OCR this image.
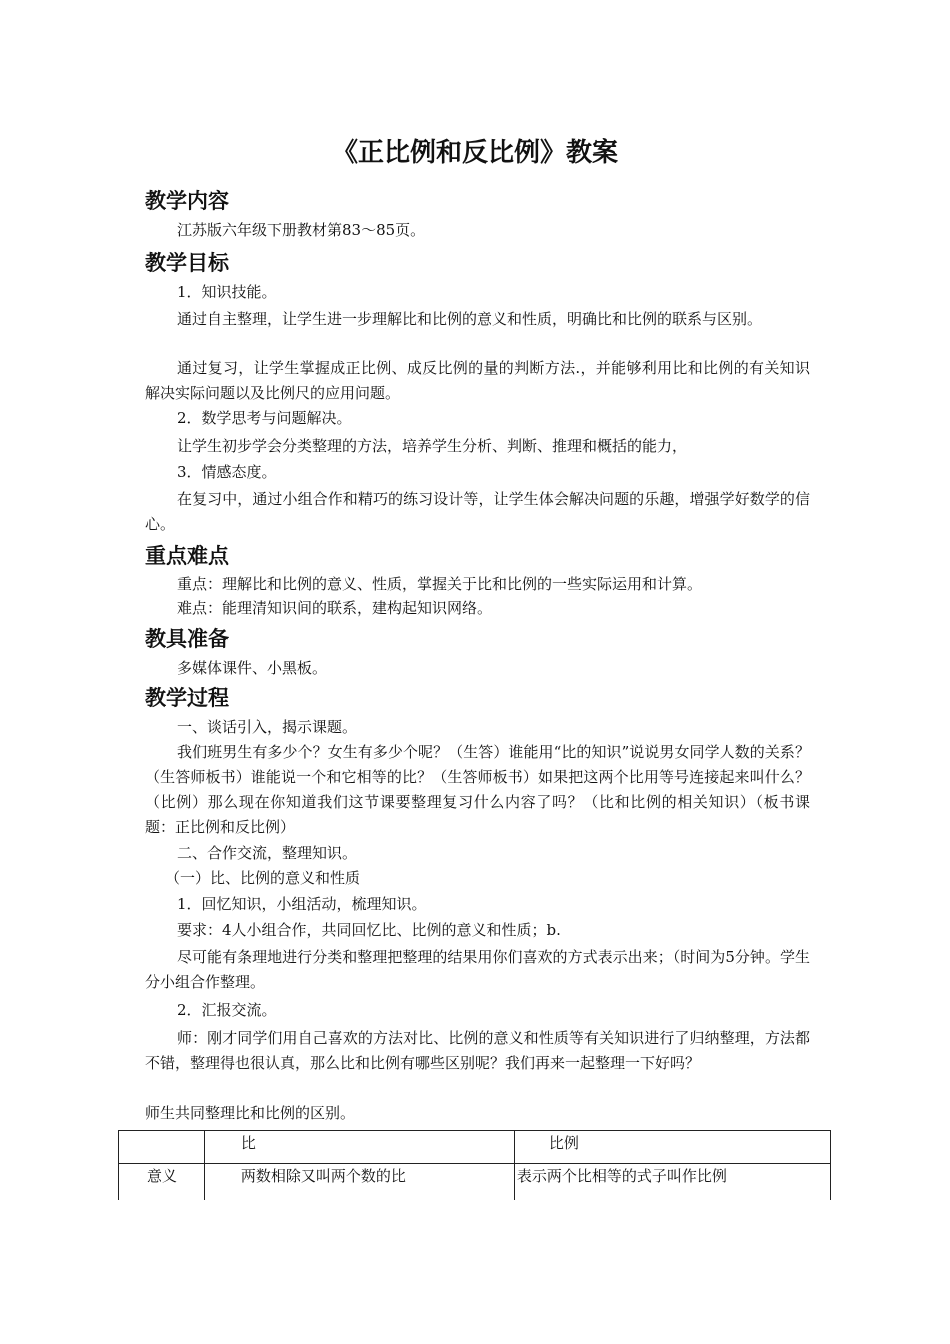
《正比例和反比例》教案
教学内容
江苏版六年级下册教材第83～85页。
教学目标
1．知识技能。
通过自主整理，让学生进一步理解比和比例的意义和性质，明确比和比例的联系与区别。
通过复习，让学生掌握成正比例、成反比例的量的判断方法.，并能够利用比和比例的有关知识解决实际问题以及比例尺的应用问题。
2．数学思考与问题解决。
让学生初步学会分类整理的方法，培养学生分析、判断、推理和概括的能力，
3．情感态度。
在复习中，通过小组合作和精巧的练习设计等，让学生体会解决问题的乐趣，增强学好数学的信心。
重点难点
重点：理解比和比例的意义、性质，掌握关于比和比例的一些实际运用和计算。
难点：能理清知识间的联系，建构起知识网络。
教具准备
多媒体课件、小黑板。
教学过程
一、谈话引入，揭示课题。
我们班男生有多少个？女生有多少个呢？（生答）谁能用“比的知识”说说男女同学人数的关系？（生答师板书）谁能说一个和它相等的比？（生答师板书）如果把这两个比用等号连接起来叫什么？（比例）那么现在你知道我们这节课要整理复习什么内容了吗？（比和比例的相关知识）（板书课题：正比例和反比例）
二、合作交流，整理知识。
（一）比、比例的意义和性质
1．回忆知识，小组活动，梳理知识。
要求：4人小组合作，共同回忆比、比例的意义和性质；b.
尽可能有条理地进行分类和整理把整理的结果用你们喜欢的方式表示出来；（时间为5分钟。学生分小组合作整理。
2．汇报交流。
师：刚才同学们用自己喜欢的方法对比、比例的意义和性质等有关知识进行了归纳整理，方法都不错，整理得也很认真，那么比和比例有哪些区别呢？我们再来一起整理一下好吗？
师生共同整理比和比例的区别。

	比	比例

意义	两数相除又叫两个数的比	表示两个比相等的式子叫作比例
